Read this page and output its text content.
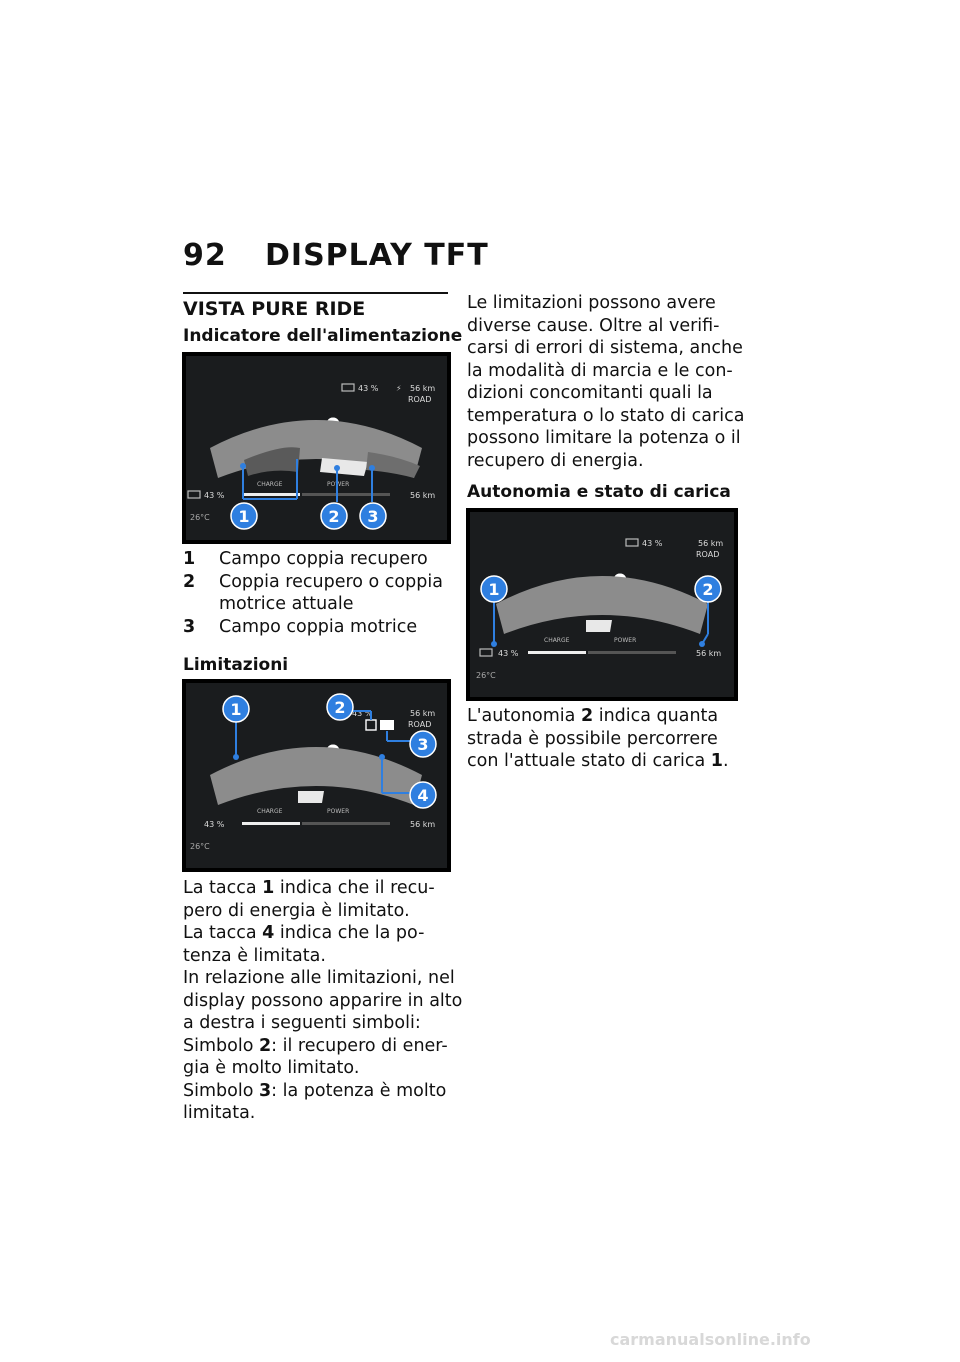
92 DISPLAY TFT
VISTA PURE RIDE
Indicatore dell'alimentazione
43 % ⚡ 56 km
ROAD
CHARGE	POWER
43 %	56 km
26°C 1	2 3
1	Campo coppia recupero
2	Coppia recupero o coppia
motrice attuale
3	Campo coppia motrice
Limitazioni
43 %	56 km
ROAD
CHARGE	POWER
43 %	56 km
26°C
1	2
3
4
La tacca 1 indica che il recu-
pero di energia è limitato.
La tacca 4 indica che la po-
tenza è limitata.
In relazione alle limitazioni, nel
display possono apparire in alto
a destra i seguenti simboli:
Simbolo 2: il recupero di ener-
gia è molto limitato.
Simbolo 3: la potenza è molto
limitata.
Le limitazioni possono avere
diverse cause. Oltre al verifi-
carsi di errori di sistema, anche
la modalità di marcia e le con-
dizioni concomitanti quali la
temperatura o lo stato di carica
possono limitare la potenza o il
recupero di energia.
Autonomia e stato di carica
43 %	56 km
ROAD
CHARGE	POWER
43 %	56 km
26°C
1	2
L'autonomia 2 indica quanta
strada è possibile percorrere
con l'attuale stato di carica 1.
carmanualsonline.info
